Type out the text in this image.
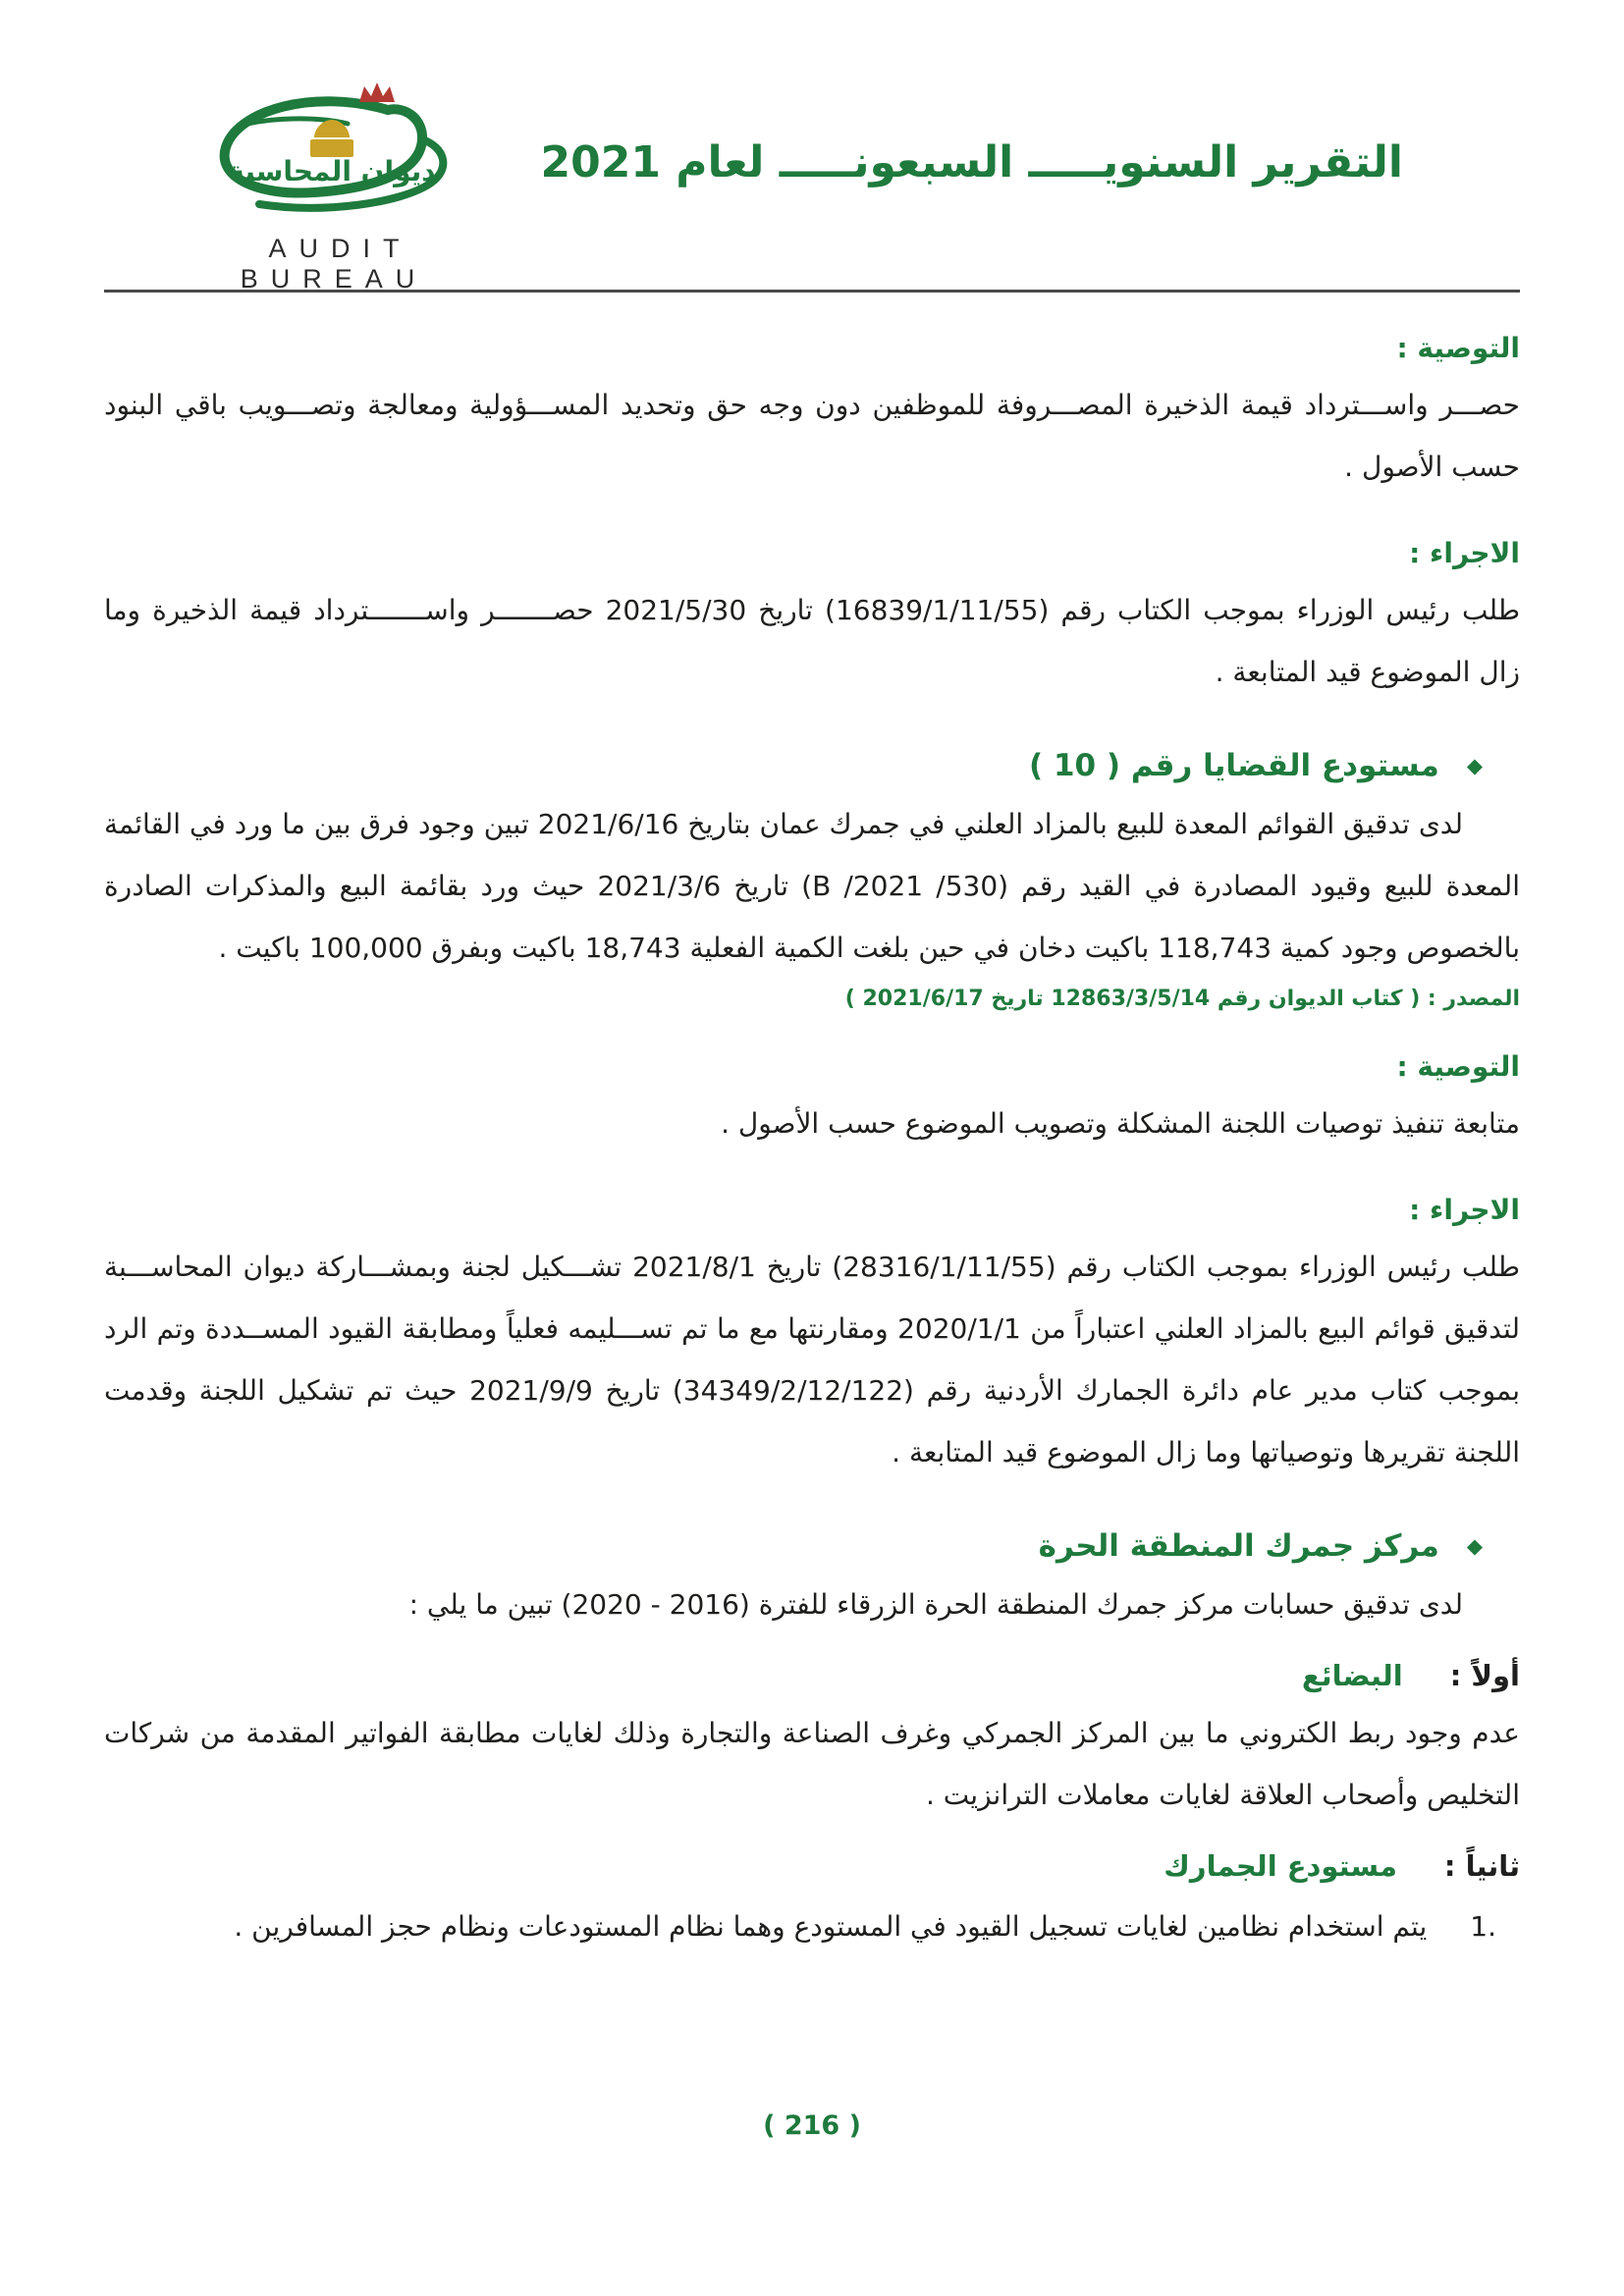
ديوان المحاسبة
AUDIT BUREAU
التقرير السنويـــــ السبعونـــــ لعام 2021
التوصية :

حصـــر واســـترداد قيمة الذخيرة المصـــروفة للموظفين دون وجه حق وتحديد المســـؤولية ومعالجة وتصـــويب باقي البنود حسب الأصول .

الاجراء :

طلب رئيس الوزراء بموجب الكتاب رقم (16839/1/11/55) تاريخ 2021/5/30 حصـــــــر واســـــــترداد قيمة الذخيرة وما زال الموضوع قيد المتابعة .

◆
مستودع القضايا رقم ( 10 )

لدى تدقيق القوائم المعدة للبيع بالمزاد العلني في جمرك عمان بتاريخ 2021/6/16 تبين وجود فرق بين ما ورد في القائمة المعدة للبيع وقيود المصادرة في القيد رقم (530/ B /2021) تاريخ 2021/3/6 حيث ورد بقائمة البيع والمذكرات الصادرة بالخصوص وجود كمية 118,743 باكيت دخان في حين بلغت الكمية الفعلية 18,743 باكيت وبفرق 100,000 باكيت .

المصدر : ( كتاب الديوان رقم 12863/3/5/14 تاريخ 2021/6/17 )
التوصية :

متابعة تنفيذ توصيات اللجنة المشكلة وتصويب الموضوع حسب الأصول .

الاجراء :

طلب رئيس الوزراء بموجب الكتاب رقم (28316/1/11/55) تاريخ 2021/8/1 تشـــكيل لجنة وبمشـــاركة ديوان المحاســـبة لتدقيق قوائم البيع بالمزاد العلني اعتباراً من 2020/1/1 ومقارنتها مع ما تم تســـليمه فعلياً ومطابقة القيود المســددة وتم الرد بموجب كتاب مدير عام دائرة الجمارك الأردنية رقم (34349/2/12/122) تاريخ 2021/9/9 حيث تم تشكيل اللجنة وقدمت اللجنة تقريرها وتوصياتها وما زال الموضوع قيد المتابعة .

◆
مركز جمرك المنطقة الحرة

لدى تدقيق حسابات مركز جمرك المنطقة الحرة الزرقاء للفترة (2016 - 2020) تبين ما يلي :

أولاً :
البضائع

عدم وجود ربط الكتروني ما بين المركز الجمركي وغرف الصناعة والتجارة وذلك لغايات مطابقة الفواتير المقدمة من شركات التخليص وأصحاب العلاقة لغايات معاملات الترانزيت .

ثانياً :
مستودع الجمارك
1.
يتم استخدام نظامين لغايات تسجيل القيود في المستودع وهما نظام المستودعات ونظام حجز المسافرين .
( 216 )
